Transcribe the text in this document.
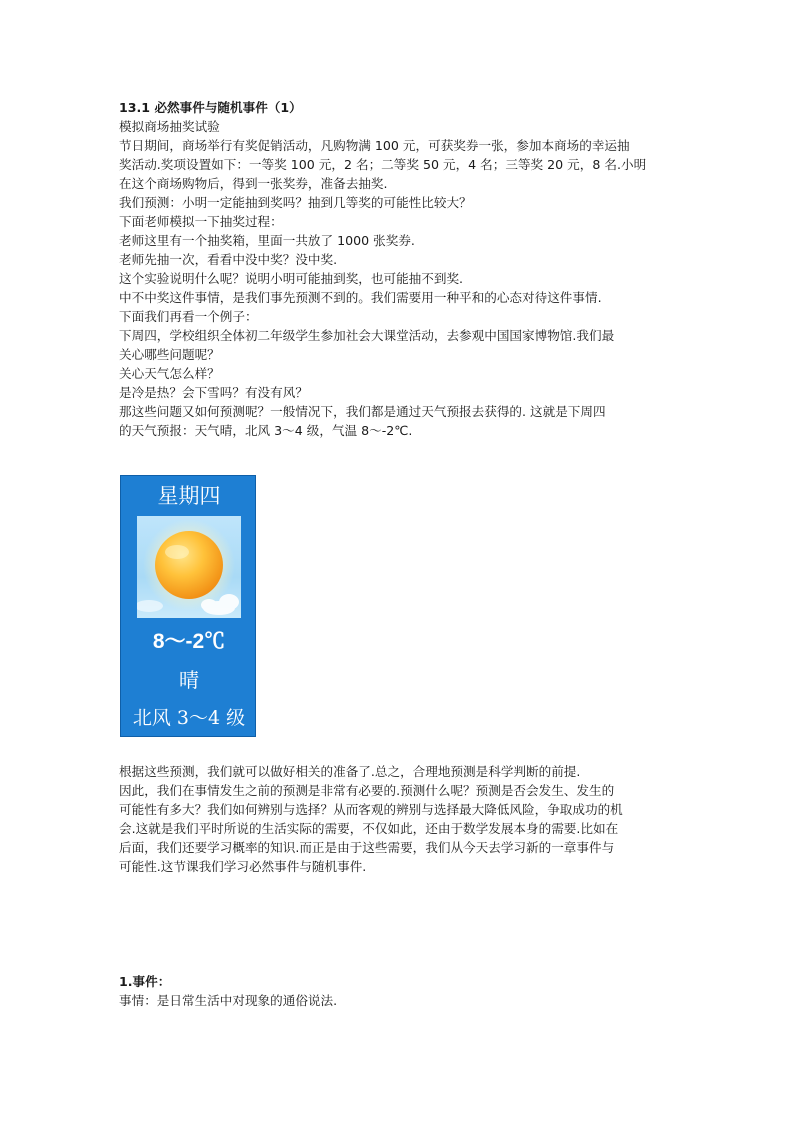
13.1 必然事件与随机事件（1）
模拟商场抽奖试验
节日期间，商场举行有奖促销活动，凡购物满 100 元，可获奖券一张，参加本商场的幸运抽
奖活动.奖项设置如下：一等奖 100 元，2 名；二等奖 50 元，4 名；三等奖 20 元，8 名.小明
在这个商场购物后，得到一张奖券，准备去抽奖.
我们预测：小明一定能抽到奖吗？抽到几等奖的可能性比较大？
下面老师模拟一下抽奖过程：
老师这里有一个抽奖箱，里面一共放了 1000 张奖券.
老师先抽一次，看看中没中奖？没中奖.
这个实验说明什么呢？说明小明可能抽到奖，也可能抽不到奖.
中不中奖这件事情，是我们事先预测不到的。我们需要用一种平和的心态对待这件事情.
下面我们再看一个例子：
下周四，学校组织全体初二年级学生参加社会大课堂活动，去参观中国国家博物馆.我们最
关心哪些问题呢？
关心天气怎么样？
是冷是热？会下雪吗？有没有风？
那这些问题又如何预测呢？一般情况下，我们都是通过天气预报去获得的. 这就是下周四
的天气预报：天气晴，北风 3～4 级，气温 8～-2℃.
星期四
8～-2℃
晴
北风 3～4 级
根据这些预测，我们就可以做好相关的准备了.总之，合理地预测是科学判断的前提.
因此，我们在事情发生之前的预测是非常有必要的.预测什么呢？预测是否会发生、发生的
可能性有多大？我们如何辨别与选择？从而客观的辨别与选择最大降低风险，争取成功的机
会.这就是我们平时所说的生活实际的需要，不仅如此，还由于数学发展本身的需要.比如在
后面，我们还要学习概率的知识.而正是由于这些需要，我们从今天去学习新的一章事件与
可能性.这节课我们学习必然事件与随机事件.
1.事件：
事情：是日常生活中对现象的通俗说法.
